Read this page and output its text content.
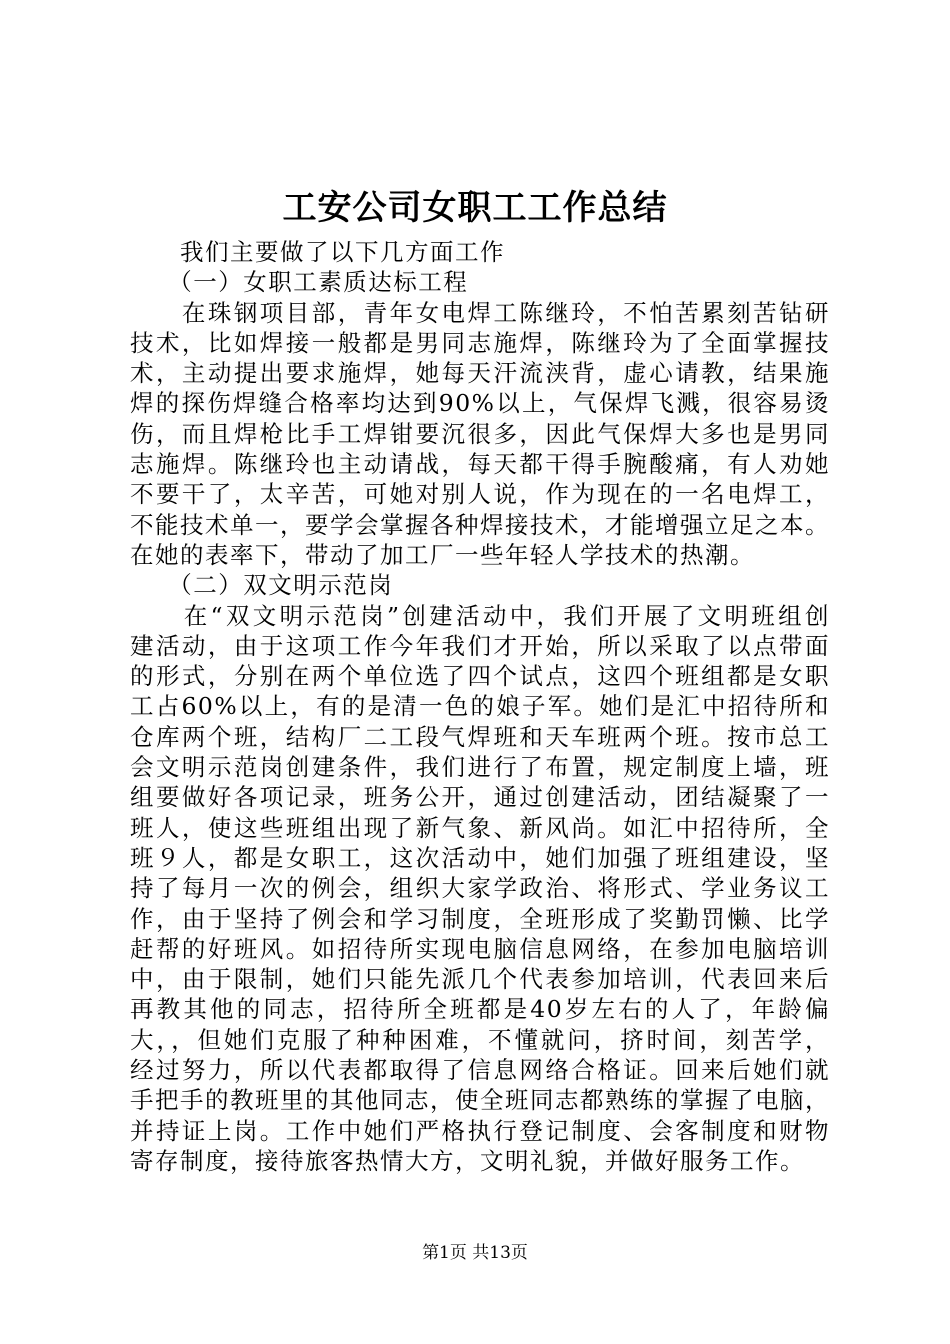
工安公司女职工工作总结
　　我们主要做了以下几方面工作
　　（一）女职工素质达标工程
　　在珠钢项目部，青年女电焊工陈继玲，不怕苦累刻苦钻研
技术，比如焊接一般都是男同志施焊，陈继玲为了全面掌握技
术，主动提出要求施焊，她每天汗流浃背，虚心请教，结果施
焊的探伤焊缝合格率均达到90%以上，气保焊飞溅，很容易烫
伤，而且焊枪比手工焊钳要沉很多，因此气保焊大多也是男同
志施焊。陈继玲也主动请战，每天都干得手腕酸痛，有人劝她
不要干了，太辛苦，可她对别人说，作为现在的一名电焊工，
不能技术单一，要学会掌握各种焊接技术，才能增强立足之本。
在她的表率下，带动了加工厂一些年轻人学技术的热潮。
　　（二）双文明示范岗
　　在“双文明示范岗”创建活动中，我们开展了文明班组创
建活动，由于这项工作今年我们才开始，所以采取了以点带面
的形式，分别在两个单位选了四个试点，这四个班组都是女职
工占60%以上，有的是清一色的娘子军。她们是汇中招待所和
仓库两个班，结构厂二工段气焊班和天车班两个班。按市总工
会文明示范岗创建条件，我们进行了布置，规定制度上墙，班
组要做好各项记录，班务公开，通过创建活动，团结凝聚了一
班人，使这些班组出现了新气象、新风尚。如汇中招待所，全
班９人，都是女职工，这次活动中，她们加强了班组建设，坚
持了每月一次的例会，组织大家学政治、将形式、学业务议工
作，由于坚持了例会和学习制度，全班形成了奖勤罚懒、比学
赶帮的好班风。如招待所实现电脑信息网络，在参加电脑培训
中，由于限制，她们只能先派几个代表参加培训，代表回来后
再教其他的同志，招待所全班都是40岁左右的人了，年龄偏
大，，但她们克服了种种困难，不懂就问，挤时间，刻苦学，
经过努力，所以代表都取得了信息网络合格证。回来后她们就
手把手的教班里的其他同志，使全班同志都熟练的掌握了电脑，
并持证上岗。工作中她们严格执行登记制度、会客制度和财物
寄存制度，接待旅客热情大方，文明礼貌，并做好服务工作。
第1页 共13页
